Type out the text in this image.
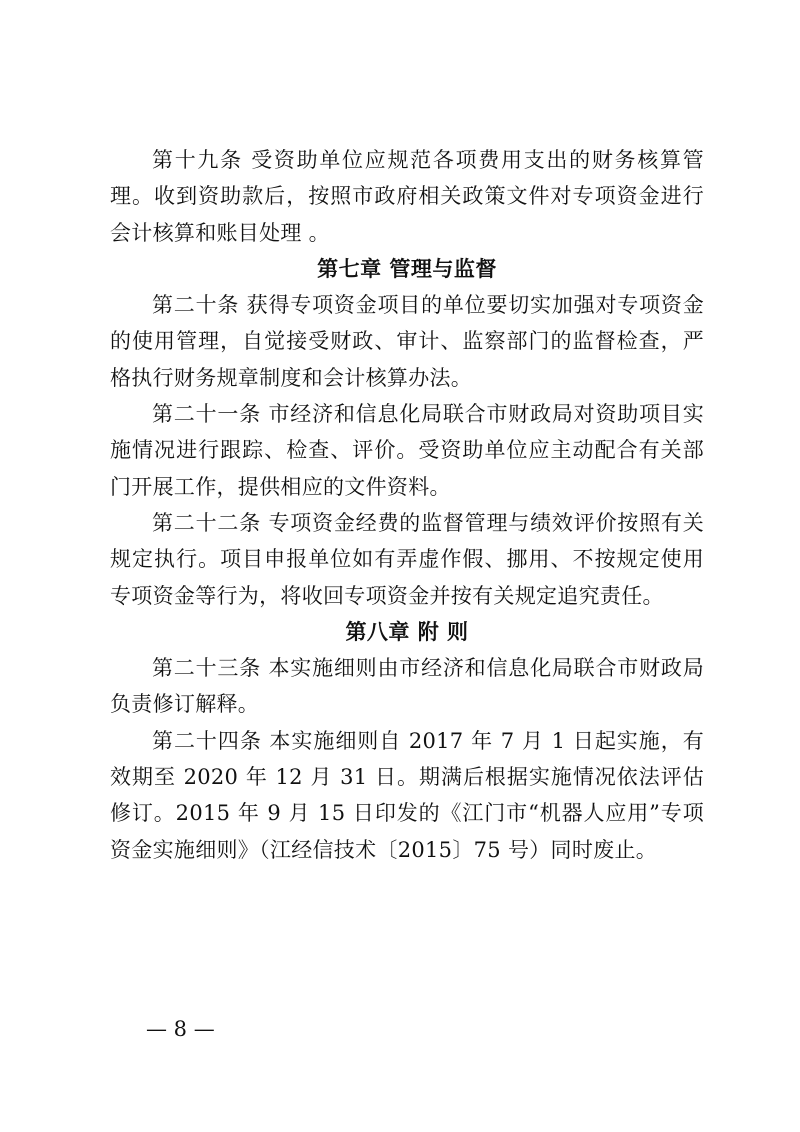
第十九条 受资助单位应规范各项费用支出的财务核算管理。收到资助款后，按照市政府相关政策文件对专项资金进行会计核算和账目处理 。

第七章 管理与监督

第二十条 获得专项资金项目的单位要切实加强对专项资金的使用管理，自觉接受财政、审计、监察部门的监督检查，严格执行财务规章制度和会计核算办法。

第二十一条 市经济和信息化局联合市财政局对资助项目实施情况进行跟踪、检查、评价。受资助单位应主动配合有关部门开展工作，提供相应的文件资料。

第二十二条 专项资金经费的监督管理与绩效评价按照有关规定执行。项目申报单位如有弄虚作假、挪用、不按规定使用专项资金等行为，将收回专项资金并按有关规定追究责任。

第八章 附 则

第二十三条 本实施细则由市经济和信息化局联合市财政局负责修订解释。

第二十四条 本实施细则自 2017 年 7 月 1 日起实施，有效期至 2020 年 12 月 31 日。期满后根据实施情况依法评估修订。2015 年 9 月 15 日印发的《江门市“机器人应用”专项资金实施细则》（江经信技术〔2015〕75 号）同时废止。

— 8 —
